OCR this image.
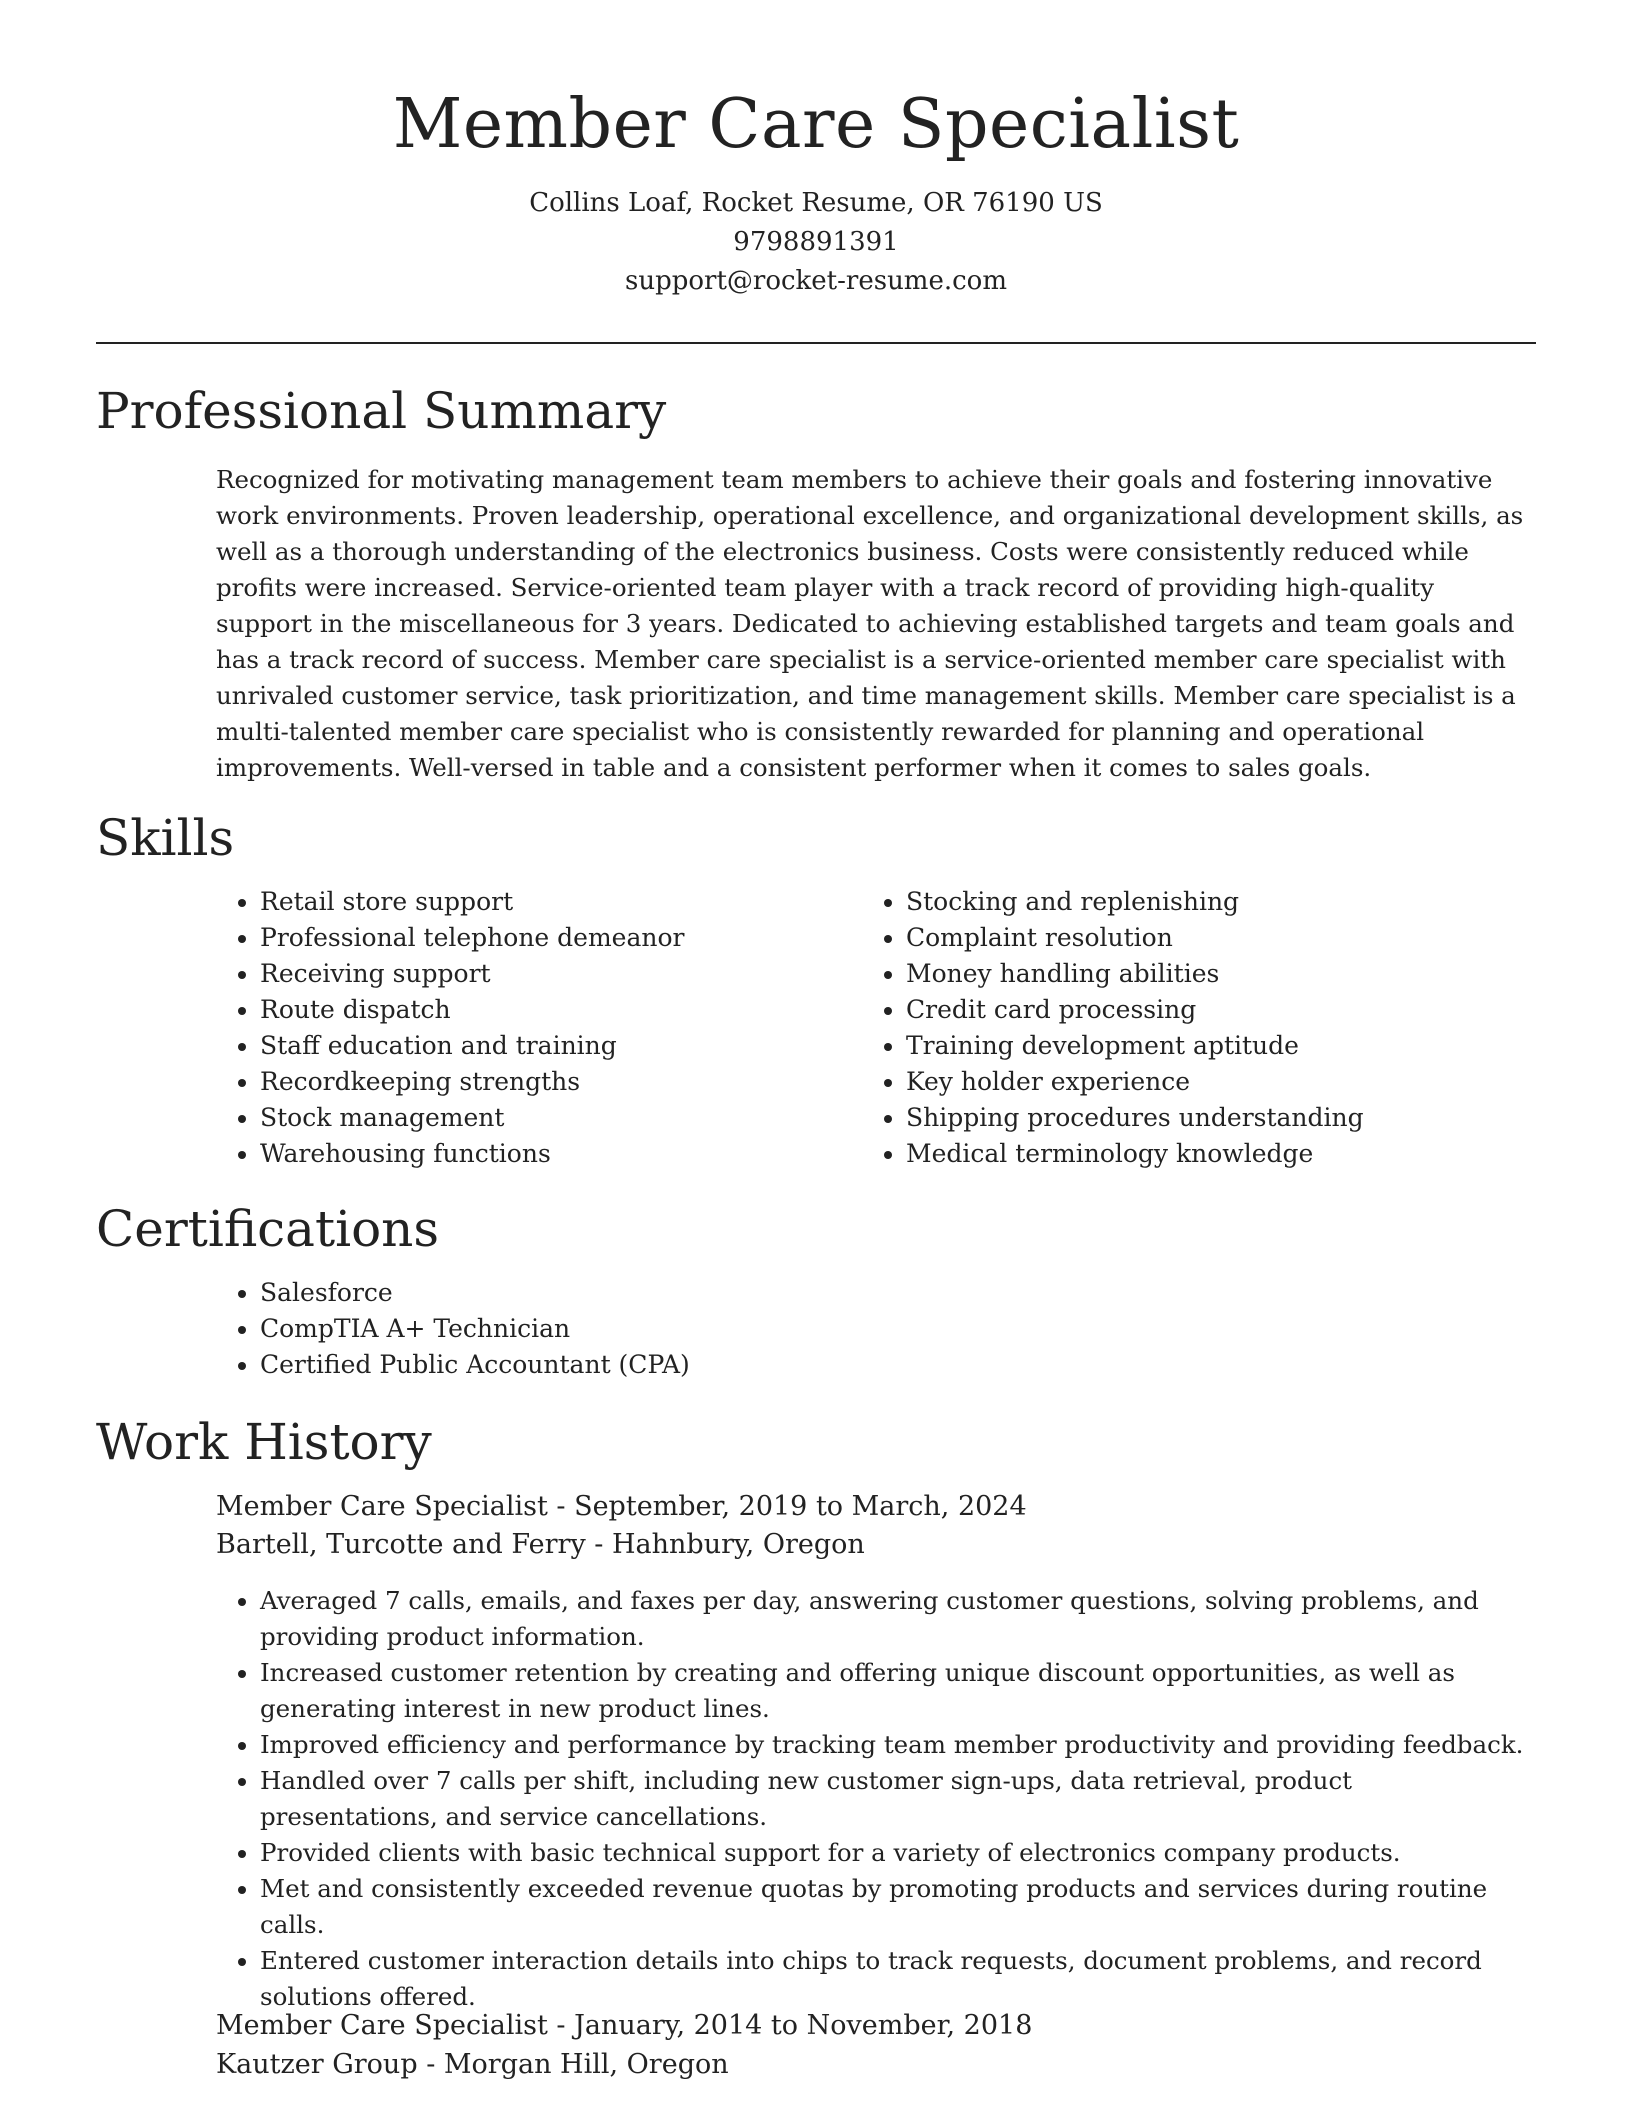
Member Care Specialist
Collins Loaf, Rocket Resume, OR 76190 US
9798891391
support@rocket-resume.com
Professional Summary

Recognized for motivating management team members to achieve their goals and fostering innovative work environments. Proven leadership, operational excellence, and organizational development skills, as well as a thorough understanding of the electronics business. Costs were consistently reduced while profits were increased. Service-oriented team player with a track record of providing high-quality support in the miscellaneous for 3 years. Dedicated to achieving established targets and team goals and has a track record of success. Member care specialist is a service-oriented member care specialist with unrivaled customer service, task prioritization, and time management skills. Member care specialist is a multi-talented member care specialist who is consistently rewarded for planning and operational improvements. Well-versed in table and a consistent performer when it comes to sales goals.

Skills
• Retail store support
• Professional telephone demeanor
• Receiving support
• Route dispatch
• Staff education and training
• Recordkeeping strengths
• Stock management
• Warehousing functions
• Stocking and replenishing
• Complaint resolution
• Money handling abilities
• Credit card processing
• Training development aptitude
• Key holder experience
• Shipping procedures understanding
• Medical terminology knowledge
Certifications
• Salesforce
• CompTIA A+ Technician
• Certified Public Accountant (CPA)
Work History
Member Care Specialist - September, 2019 to March, 2024
Bartell, Turcotte and Ferry - Hahnbury, Oregon
• Averaged 7 calls, emails, and faxes per day, answering customer questions, solving problems, and providing product information.
• Increased customer retention by creating and offering unique discount opportunities, as well as generating interest in new product lines.
• Improved efficiency and performance by tracking team member productivity and providing feedback.
• Handled over 7 calls per shift, including new customer sign-ups, data retrieval, product presentations, and service cancellations.
• Provided clients with basic technical support for a variety of electronics company products.
• Met and consistently exceeded revenue quotas by promoting products and services during routine calls.
• Entered customer interaction details into chips to track requests, document problems, and record solutions offered.
Member Care Specialist - January, 2014 to November, 2018
Kautzer Group - Morgan Hill, Oregon
